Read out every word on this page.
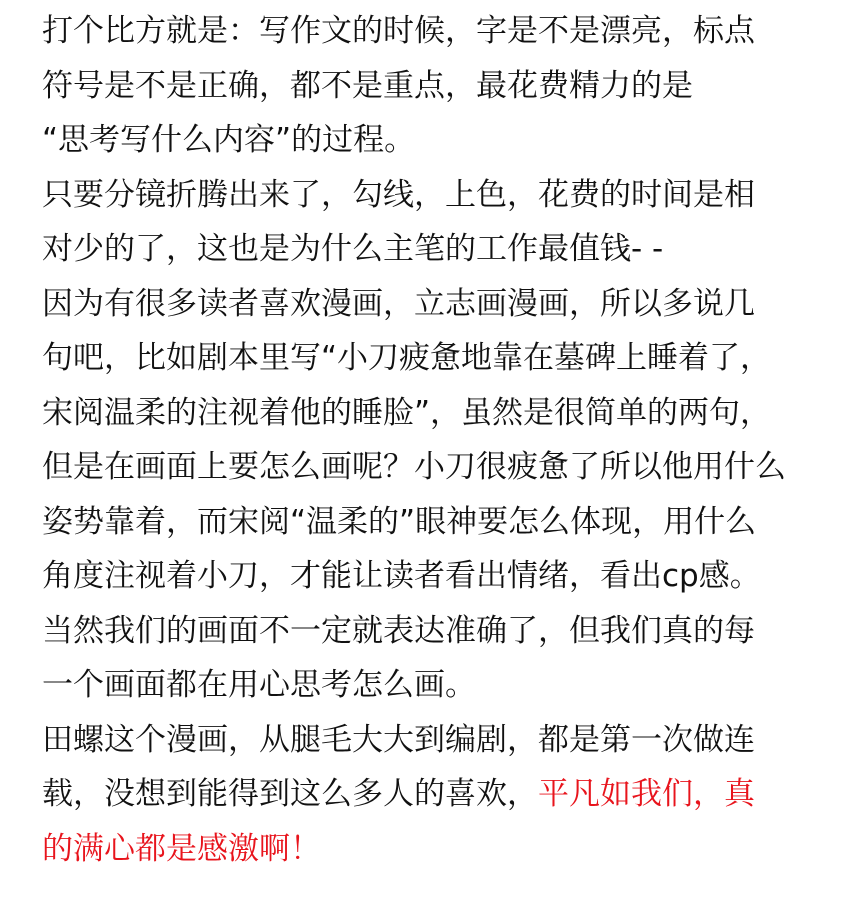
打个比方就是：写作文的时候，字是不是漂亮，标点
符号是不是正确，都不是重点，最花费精力的是
“思考写什么内容”的过程。
只要分镜折腾出来了，勾线，上色，花费的时间是相
对少的了，这也是为什么主笔的工作最值钱- -
因为有很多读者喜欢漫画，立志画漫画，所以多说几
句吧，比如剧本里写“小刀疲惫地靠在墓碑上睡着了，
宋阅温柔的注视着他的睡脸”，虽然是很简单的两句，
但是在画面上要怎么画呢？小刀很疲惫了所以他用什么
姿势靠着，而宋阅“温柔的”眼神要怎么体现，用什么
角度注视着小刀，才能让读者看出情绪，看出cp感。
当然我们的画面不一定就表达准确了，但我们真的每
一个画面都在用心思考怎么画。
田螺这个漫画，从腿毛大大到编剧，都是第一次做连
载，没想到能得到这么多人的喜欢，平凡如我们，真
的满心都是感激啊！
